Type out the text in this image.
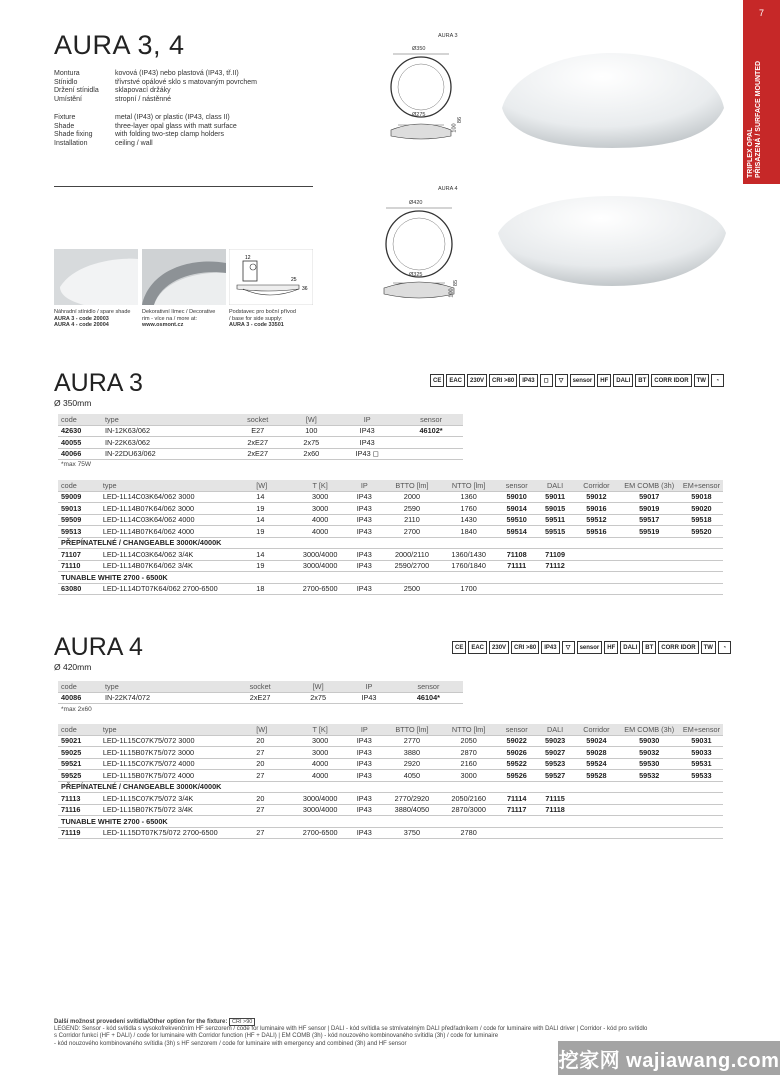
AURA 3, 4
7
TRIPLEX OPAL
PŘISAZENÁ / SURFACE MOUNTED
Montura	kovová (IP43) nebo plastová (IP43, tř.II)
Stínidlo	třívrstvé opálové sklo s matovaným povrchem
Držení stínidla	sklapovací držáky
Umístění	stropní / nástěnné
Fixture	metal (IP43) or plastic (IP43, class II)
Shade	three-layer opal glass with matt surface
Shade fixing	with folding two-step clamp holders
Installation	ceiling / wall
AURA 3
Ø350
Ø275
100
86
AURA 4
Ø420
Ø325
100
85
12
25
36
Náhradní stínidlo / spare shade
AURA 3 - code 20003
AURA 4 - code 20004
Dekorativní límec / Decorative
rim - více na / more at:
www.osmont.cz
Podstavec pro boční přívod
/ base for side supply:
AURA 3 - code 33501
AURA 3
Ø 350mm
CE	EAC	230V	CRI >80	IP43	◻	▽	sensor	HF	DALI	BT	CORR IDOR	TW	◔
code	type	socket	[W]	IP	sensor
42630	IN-12K63/062	E27	100	IP43	46102*
40055	IN-22K63/062	2xE27	2x75	IP43	
40066	IN-22DU63/062	2xE27	2x60	IP43 ◻	
*max 75W
code	type	[W]	T [K]	IP	BTTO [lm]	NTTO [lm]	sensor	DALI	Corridor	EM COMB (3h)	EM+sensor
59009	LED-1L14C03K64/062 3000	14	3000	IP43	2000	1360	59010	59011	59012	59017	59018
59013	LED-1L14B07K64/062 3000	19	3000	IP43	2590	1760	59014	59015	59016	59019	59020
59509	LED-1L14C03K64/062 4000	14	4000	IP43	2110	1430	59510	59511	59512	59517	59518
59513	LED-1L14B07K64/062 4000	19	4000	IP43	2700	1840	59514	59515	59516	59519	59520
PŘEPÍNATELNÉ / CHANGEABLE 3000K/4000K											
71107	LED-1L14C03K64/062 3/4K	14	3000/4000	IP43	2000/2110	1360/1430	71108	71109			
71110	LED-1L14B07K64/062 3/4K	19	3000/4000	IP43	2590/2700	1760/1840	71111	71112			
TUNABLE WHITE 2700 - 6500K											
63080	LED-1L14DT07K64/062 2700-6500	18	2700-6500	IP43	2500	1700					
AURA 4
Ø 420mm
CE	EAC	230V	CRI >80	IP43	▽	sensor	HF	DALI	BT	CORR IDOR	TW	◔
code	type	socket	[W]	IP	sensor
40086	IN-22K74/072	2xE27	2x75	IP43	46104*
*max 2x60
code	type	[W]	T [K]	IP	BTTO [lm]	NTTO [lm]	sensor	DALI	Corridor	EM COMB (3h)	EM+sensor
59021	LED-1L15C07K75/072 3000	20	3000	IP43	2770	2050	59022	59023	59024	59030	59031
59025	LED-1L15B07K75/072 3000	27	3000	IP43	3880	2870	59026	59027	59028	59032	59033
59521	LED-1L15C07K75/072 4000	20	4000	IP43	2920	2160	59522	59523	59524	59530	59531
59525	LED-1L15B07K75/072 4000	27	4000	IP43	4050	3000	59526	59527	59528	59532	59533
PŘEPÍNATELNÉ / CHANGEABLE 3000K/4000K											
71113	LED-1L15C07K75/072 3/4K	20	3000/4000	IP43	2770/2920	2050/2160	71114	71115			
71116	LED-1L15B07K75/072 3/4K	27	3000/4000	IP43	3880/4050	2870/3000	71117	71118			
TUNABLE WHITE 2700 - 6500K											
71119	LED-1L15DT07K75/072 2700-6500	27	2700-6500	IP43	3750	2780					
Další možnost provedení svítidla/Other option for the fixture: CRI >90
LEGEND: Sensor - kód svítidla s vysokofrekvenčním HF senzorem / code for luminaire with HF sensor | DALI - kód svítidla se stmívatelným DALI předřadníkem / code for luminaire with DALI driver | Corridor - kód pro svítidlo
s Corridor funkcí (HF + DALI) / code for luminaire with Corridor function (HF + DALI) | EM COMB (3h) - kód nouzového kombinovaného svítidla (3h) / code for luminaire
- kód nouzového kombinovaného svítidla (3h) s HF senzorem / code for luminaire with emergency and combined (3h) and HF sensor
挖家网 wajiawang.com
